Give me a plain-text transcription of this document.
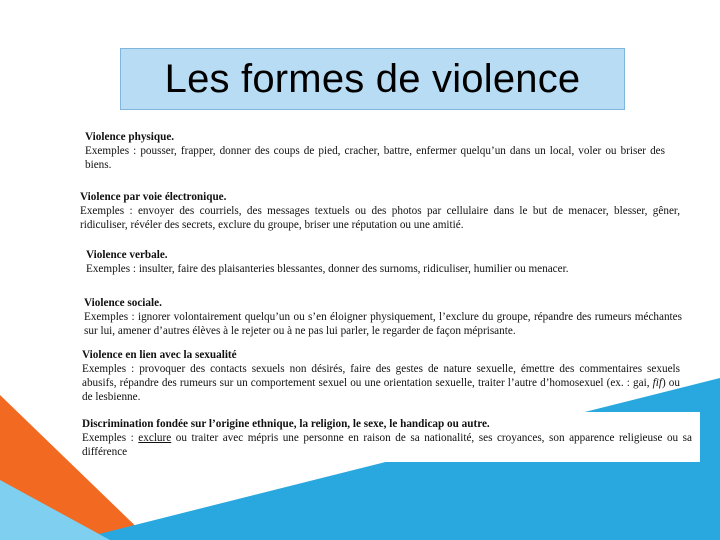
Les formes de violence

Violence physique.

Exemples : pousser, frapper, donner des coups de pied, cracher, battre, enfermer quelqu’un dans un local, voler ou briser des biens.

Violence par voie électronique.

Exemples : envoyer des courriels, des messages textuels ou des photos par cellulaire dans le but de menacer, blesser, gêner, ridiculiser, révéler des secrets, exclure du groupe, briser une réputation ou une amitié.

Violence verbale.

Exemples : insulter, faire des plaisanteries blessantes, donner des surnoms, ridiculiser, humilier ou menacer.

Violence sociale.

Exemples : ignorer volontairement quelqu’un ou s’en éloigner physiquement, l’exclure du groupe, répandre des rumeurs méchantes sur lui, amener d’autres élèves à le rejeter ou à ne pas lui parler, le regarder de façon méprisante.

Violence en lien avec la sexualité

Exemples : provoquer des contacts sexuels non désirés, faire des gestes de nature sexuelle, émettre des commentaires sexuels abusifs, répandre des rumeurs sur un comportement sexuel ou une orientation sexuelle, traiter l’autre d’homosexuel (ex. : gai, fif) ou de lesbienne.

Discrimination fondée sur l’origine ethnique, la religion, le sexe, le handicap ou autre.

Exemples : exclure ou traiter avec mépris une personne en raison de sa nationalité, ses croyances, son apparence religieuse ou sa différence
